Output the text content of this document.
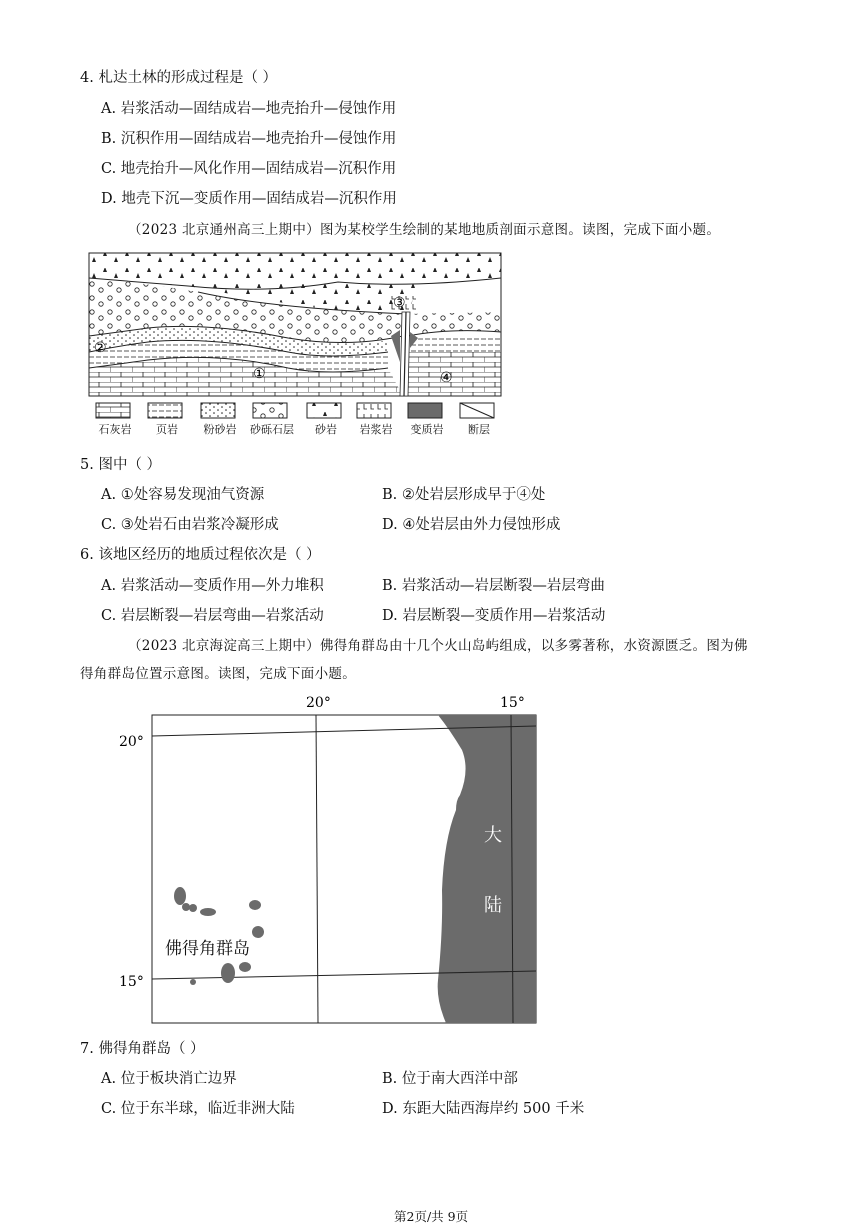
4. 札达土林的形成过程是（ ）
A. 岩浆活动—固结成岩—地壳抬升—侵蚀作用
B. 沉积作用—固结成岩—地壳抬升—侵蚀作用
C. 地壳抬升—风化作用—固结成岩—沉积作用
D. 地壳下沉—变质作用—固结成岩—沉积作用
（2023 北京通州高三上期中）图为某校学生绘制的某地地质剖面示意图。读图，完成下面小题。
①
②
③
④
石灰岩	页岩	粉砂岩	砂砾石层	砂岩	岩浆岩	变质岩	断层
5. 图中（ ）
A. ①处容易发现油气资源	B. ②处岩层形成早于④处
C. ③处岩石由岩浆冷凝形成	D. ④处岩层由外力侵蚀形成
6. 该地区经历的地质过程依次是（ ）
A. 岩浆活动—变质作用—外力堆积	B. 岩浆活动—岩层断裂—岩层弯曲
C. 岩层断裂—岩层弯曲—岩浆活动	D. 岩层断裂—变质作用—岩浆活动
（2023 北京海淀高三上期中）佛得角群岛由十几个火山岛屿组成，以多雾著称，水资源匮乏。图为佛
得角群岛位置示意图。读图，完成下面小题。
20°	15°
20°
15°
佛得角群岛
大
陆
7. 佛得角群岛（ ）
A. 位于板块消亡边界	B. 位于南大西洋中部
C. 位于东半球，临近非洲大陆	D. 东距大陆西海岸约 500 千米
第2页/共 9页
